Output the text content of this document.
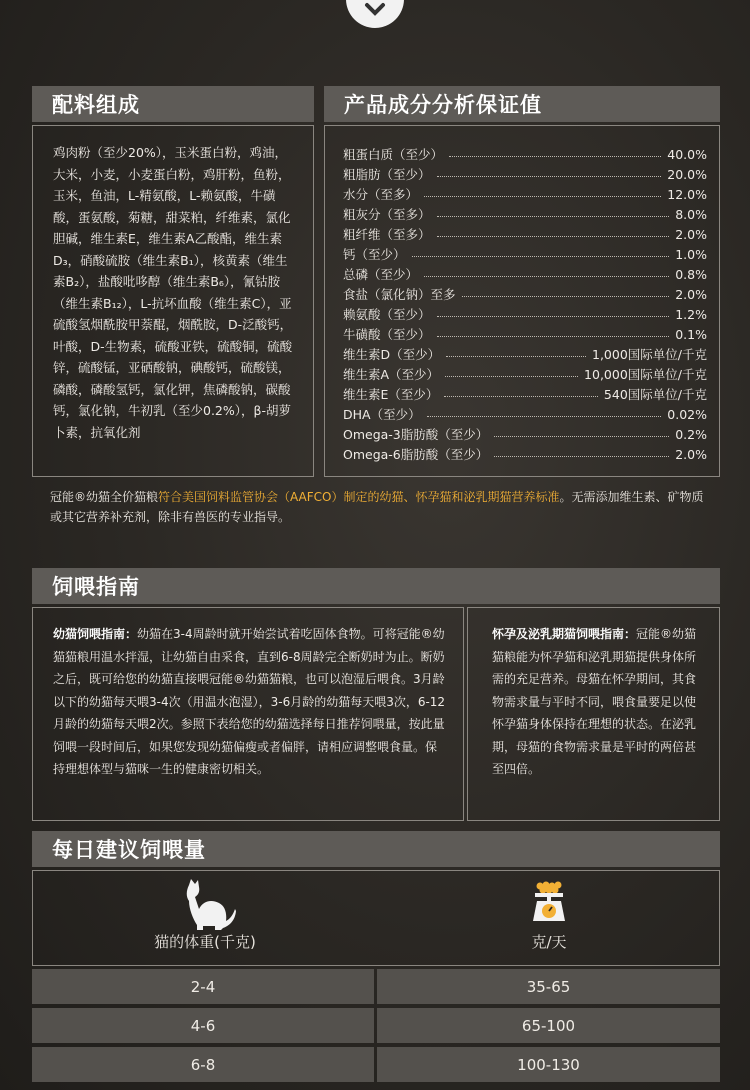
配料组成
鸡肉粉（至少20%），玉米蛋白粉，鸡油，大米，小麦，小麦蛋白粉，鸡肝粉，鱼粉，玉米，鱼油，L-精氨酸，L-赖氨酸，牛磺酸，蛋氨酸，菊糖，甜菜粕，纤维素，氯化胆碱，维生素E，维生素A乙酸酯，维生素D₃，硝酸硫胺（维生素B₁），核黄素（维生素B₂），盐酸吡哆醇（维生素B₆），氰钴胺（维生素B₁₂），L-抗坏血酸（维生素C），亚硫酸氢烟酰胺甲萘醌，烟酰胺，D-泛酸钙，叶酸，D-生物素，硫酸亚铁，硫酸铜，硫酸锌，硫酸锰，亚硒酸钠，碘酸钙，硫酸镁，磷酸，磷酸氢钙，氯化钾，焦磷酸钠，碳酸钙，氯化钠，牛初乳（至少0.2%），β-胡萝卜素，抗氧化剂
产品成分分析保证值
粗蛋白质（至少）	40.0%
粗脂肪（至少）	20.0%
水分（至多）	12.0%
粗灰分（至多）	8.0%
粗纤维（至多）	2.0%
钙（至少）	1.0%
总磷（至少）	0.8%
食盐（氯化钠）至多	2.0%
赖氨酸（至少）	1.2%
牛磺酸（至少）	0.1%
维生素D（至少）	1,000国际单位/千克
维生素A（至少）	10,000国际单位/千克
维生素E（至少）	540国际单位/千克
DHA（至少）	0.02%
Omega-3脂肪酸（至少）	0.2%
Omega-6脂肪酸（至少）	2.0%
冠能®幼猫全价猫粮符合美国饲料监管协会（AAFCO）制定的幼猫、怀孕猫和泌乳期猫营养标准。无需添加维生素、矿物质或其它营养补充剂，除非有兽医的专业指导。
饲喂指南
幼猫饲喂指南：幼猫在3-4周龄时就开始尝试着吃固体食物。可将冠能®幼猫猫粮用温水拌湿，让幼猫自由采食，直到6-8周龄完全断奶时为止。断奶之后，既可给您的幼猫直接喂冠能®幼猫猫粮，也可以泡湿后喂食。3月龄以下的幼猫每天喂3-4次（用温水泡湿），3-6月龄的幼猫每天喂3次，6-12月龄的幼猫每天喂2次。参照下表给您的幼猫选择每日推荐饲喂量，按此量饲喂一段时间后，如果您发现幼猫偏瘦或者偏胖，请相应调整喂食量。保持理想体型与猫咪一生的健康密切相关。
怀孕及泌乳期猫饲喂指南：冠能®幼猫猫粮能为怀孕猫和泌乳期猫提供身体所需的充足营养。母猫在怀孕期间，其食物需求量与平时不同，喂食量要足以使怀孕猫身体保持在理想的状态。在泌乳期，母猫的食物需求量是平时的两倍甚至四倍。
每日建议饲喂量
猫的体重(千克)	克/天
2-4	35-65
4-6	65-100
6-8	100-130
